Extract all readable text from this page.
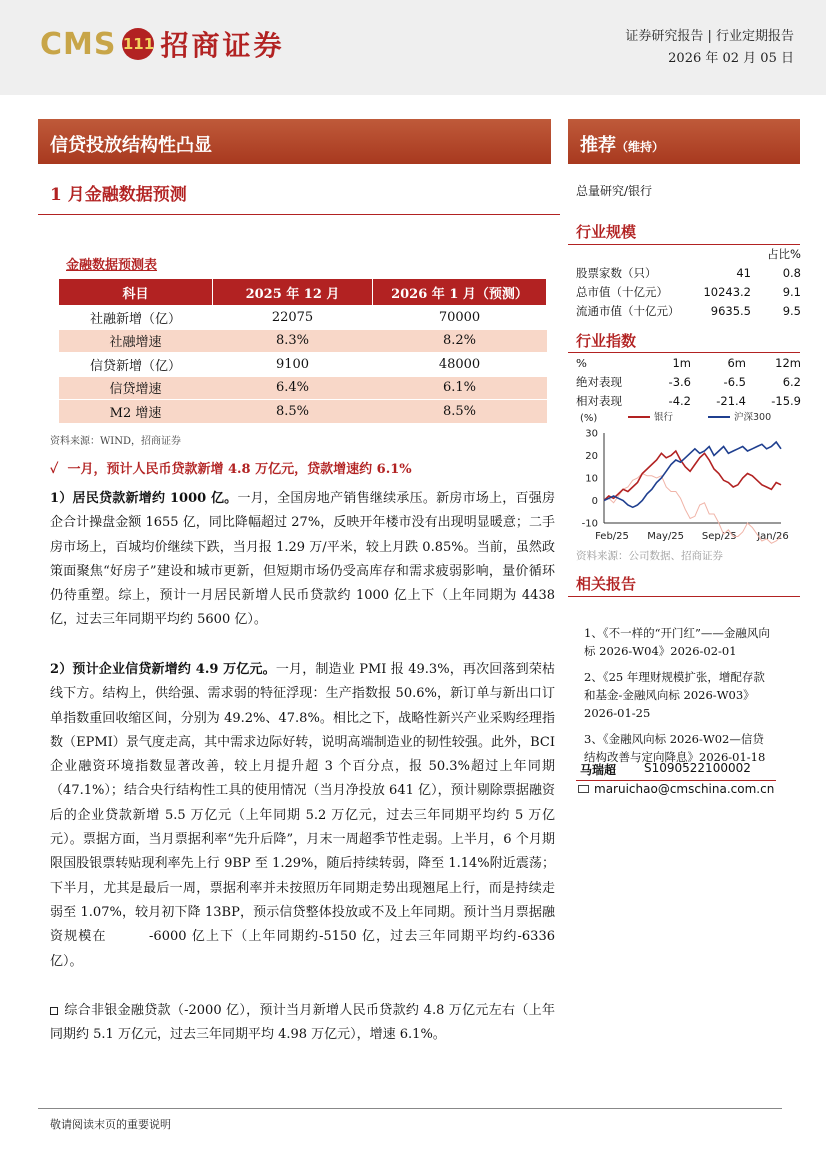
CMS 111 招商证券	证券研究报告 | 行业定期报告
2026 年 02 月 05 日
信贷投放结构性凸显	推荐（维持）
1 月金融数据预测
金融数据预测表
科目	2025 年 12 月	2026 年 1 月（预测）
社融新增（亿）	22075	70000
社融增速	8.3%	8.2%
信贷新增（亿）	9100	48000
信贷增速	6.4%	6.1%
M2 增速	8.5%	8.5%
资料来源：WIND，招商证券
✓ 一月，预计人民币贷款新增 4.8 万亿元，贷款增速约 6.1%
1）居民贷款新增约 1000 亿。一月，全国房地产销售继续承压。新房市场上，百强房企合计操盘金额 1655 亿，同比降幅超过 27%，反映开年楼市没有出现明显暖意；二手房市场上，百城均价继续下跌，当月报 1.29 万/平米，较上月跌 0.85%。当前，虽然政策面聚焦“好房子”建设和城市更新，但短期市场仍受高库存和需求疲弱影响，量价循环仍待重塑。综上，预计一月居民新增人民币贷款约 1000 亿上下（上年同期为 4438 亿，过去三年同期平均约 5600 亿）。
2）预计企业信贷新增约 4.9 万亿元。一月，制造业 PMI 报 49.3%，再次回落到荣枯线下方。结构上，供给强、需求弱的特征浮现：生产指数报 50.6%，新订单与新出口订单指数重回收缩区间，分别为 49.2%、47.8%。相比之下，战略性新兴产业采购经理指数（EPMI）景气度走高，其中需求边际好转，说明高端制造业的韧性较强。此外，BCI 企业融资环境指数显著改善，较上月提升超 3 个百分点，报 50.3%超过上年同期（47.1%）；结合央行结构性工具的使用情况（当月净投放 641 亿），预计剔除票据融资后的企业贷款新增 5.5 万亿元（上年同期 5.2 万亿元，过去三年同期平均约 5 万亿元）。票据方面，当月票据利率“先升后降”，月末一周超季节性走弱。上半月，6 个月期限国股银票转贴现利率先上行 9BP 至 1.29%，随后持续转弱，降至 1.14%附近震荡；下半月，尤其是最后一周，票据利率并未按照历年同期走势出现翘尾上行，而是持续走弱至 1.07%，较月初下降 13BP，预示信贷整体投放或不及上年同期。预计当月票据融资规模在　　　-6000 亿上下（上年同期约-5150 亿，过去三年同期平均约-6336 亿）。
综合非银金融贷款（-2000 亿），预计当月新增人民币贷款约 4.8 万亿元左右（上年同期约 5.1 万亿元，过去三年同期平均 4.98 万亿元），增速 6.1%。
总量研究/银行
行业规模
占比%
股票家数（只）	41	0.8
总市值（十亿元）	10243.2	9.1
流通市值（十亿元）	9635.5	9.5
行业指数
%	1m	6m	12m
绝对表现	-3.6	-6.5	6.2
相对表现	-4.2	-21.4	-15.9
(%)
-10
0
10
20
30
Feb/25 May/25 Sep/25 Jan/26
银行	沪深300
资料来源：公司数据、招商证券
相关报告
1、《不一样的“开门红”——金融风向标 2026-W04》2026-02-01
2、《25 年理财规模扩张，增配存款和基金-金融风向标 2026-W03》2026-01-25
3、《金融风向标 2026-W02—信贷结构改善与定向降息》2026-01-18
马瑞超	S1090522100002
maruichao@cmschina.com.cn
敬请阅读末页的重要说明
